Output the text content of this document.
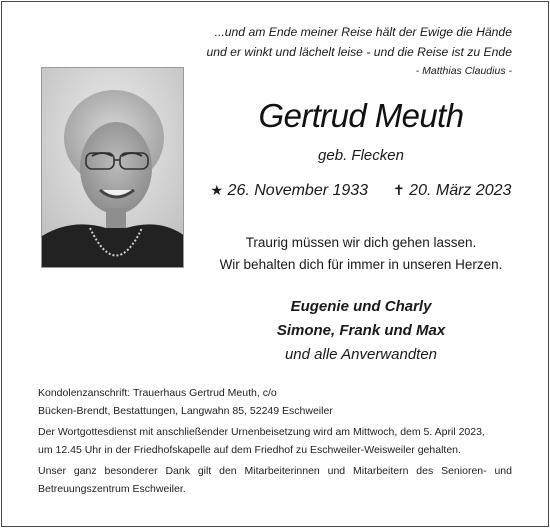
...und am Ende meiner Reise hält der Ewige die Hände
und er winkt und lächelt leise - und die Reise ist zu Ende
- Matthias Claudius -
Gertrud Meuth
geb. Flecken
★ 26. November 1933 ✝ 20. März 2023
Traurig müssen wir dich gehen lassen.
Wir behalten dich für immer in unseren Herzen.
Eugenie und Charly
Simone, Frank und Max
und alle Anverwandten

Kondolenzanschrift: Trauerhaus Gertrud Meuth, c/o
Bücken-Brendt, Bestattungen, Langwahn 85, 52249 Eschweiler

Der Wortgottesdienst mit anschließender Urnenbeisetzung wird am Mittwoch, dem 5. April 2023,
um 12.45 Uhr in der Friedhofskapelle auf dem Friedhof zu Eschweiler-Weisweiler gehalten.

Unser ganz besonderer Dank gilt den Mitarbeiterinnen und Mitarbeitern des Senioren- und
Betreuungszentrum Eschweiler.
